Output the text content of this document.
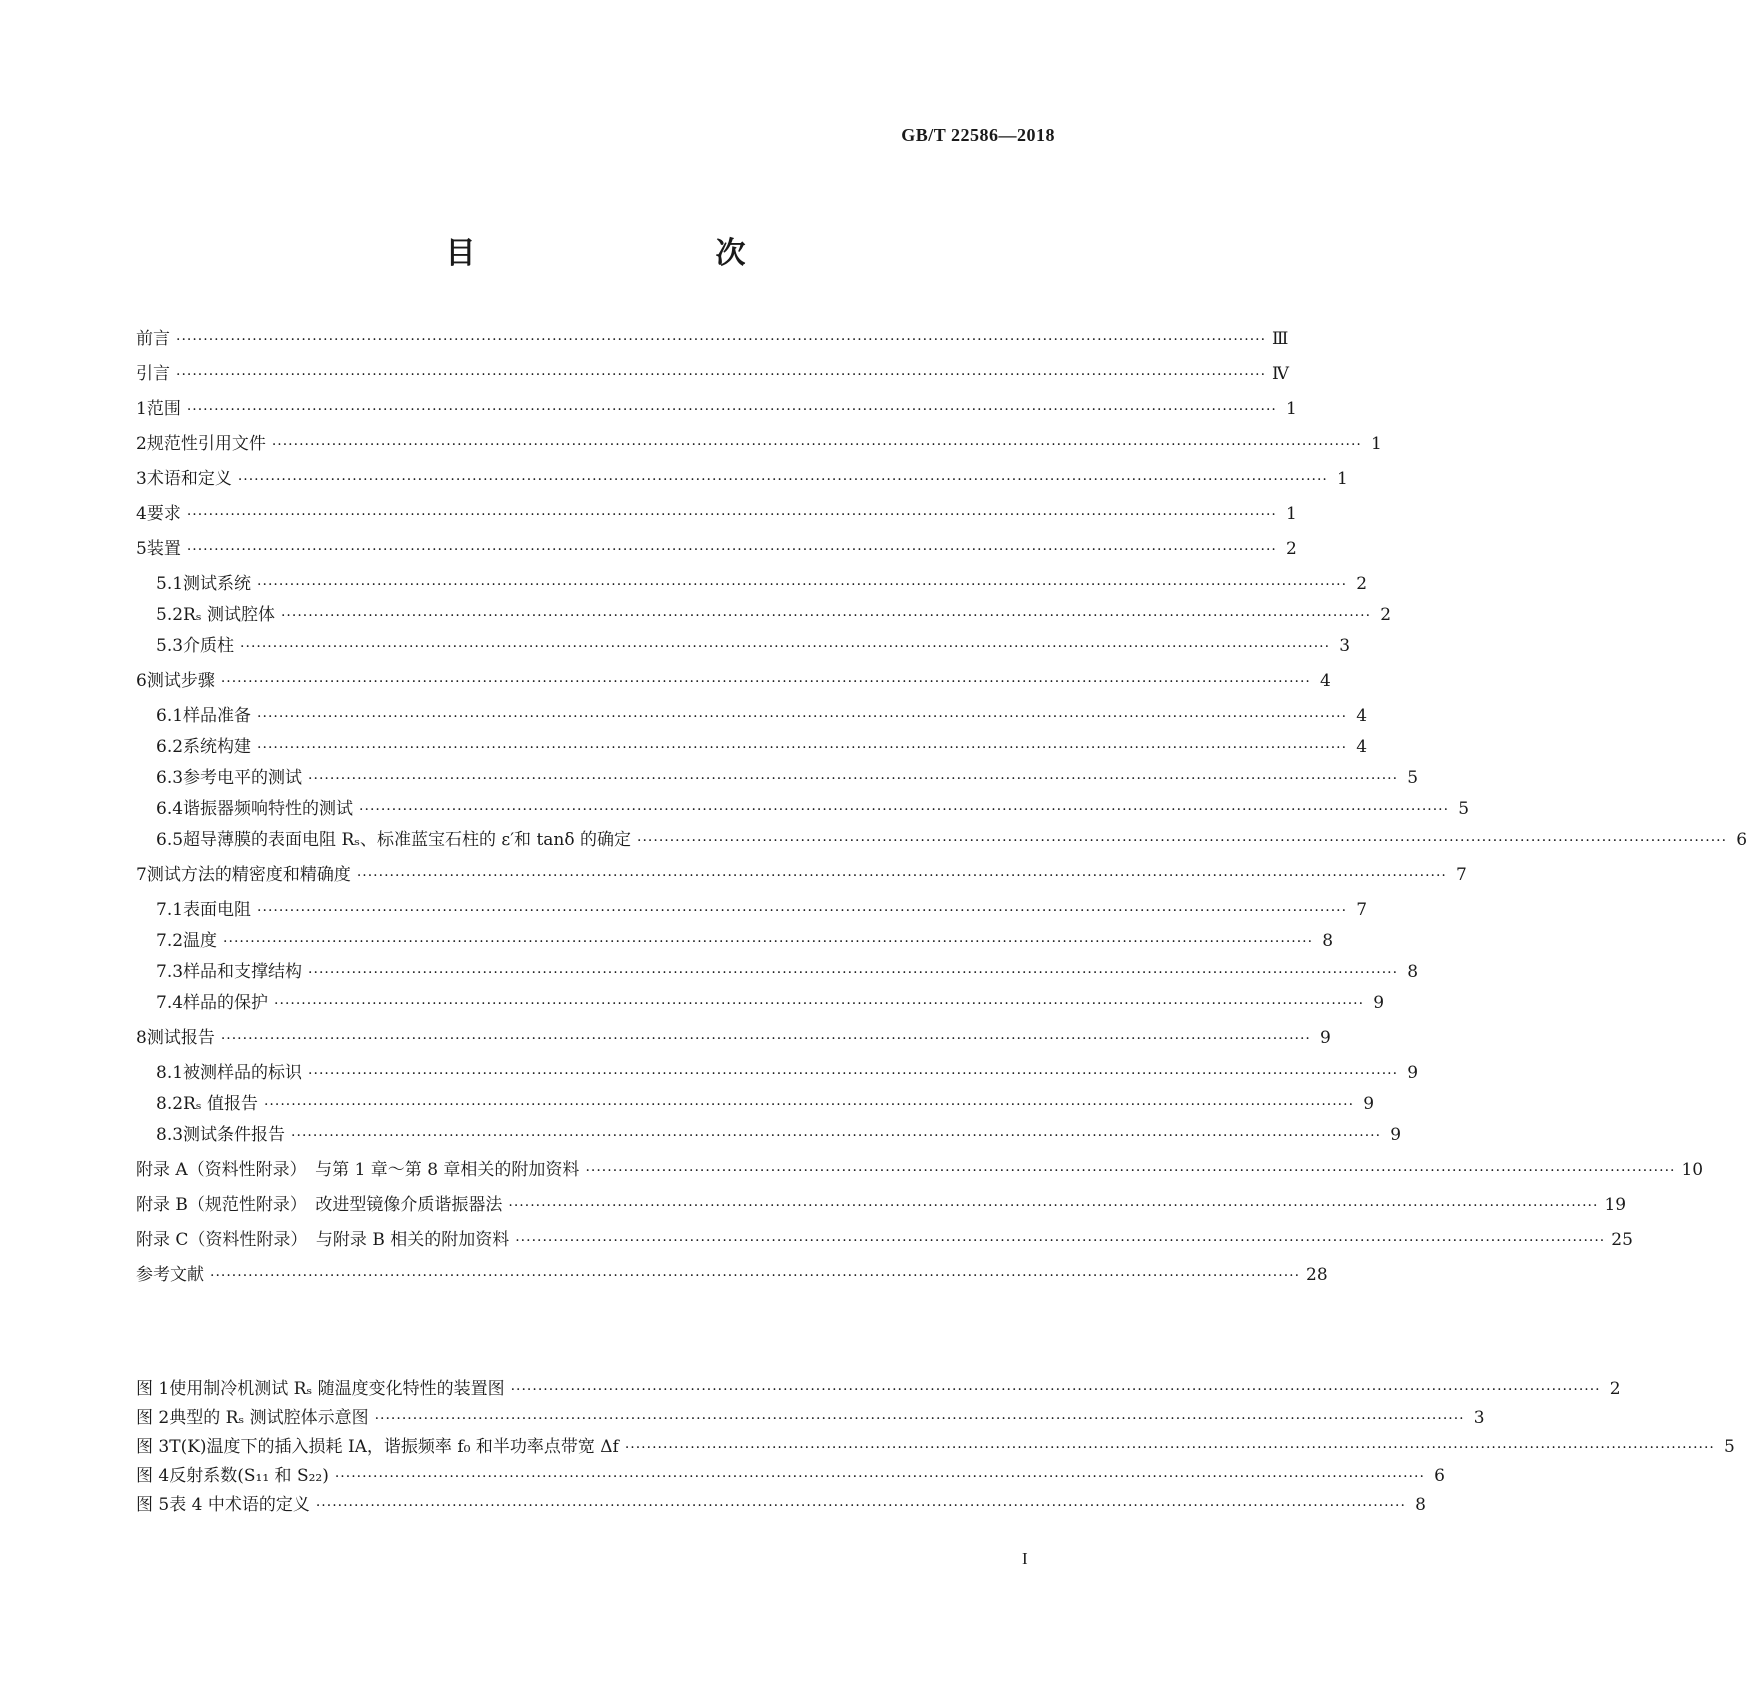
GB/T 22586—2018
目　　次
前言 ········································································································································································································ Ⅲ
引言 ········································································································································································································ Ⅳ
1 范围 ········································································································································································································ 1
2 规范性引用文件 ········································································································································································································ 1
3 术语和定义 ········································································································································································································ 1
4 要求 ········································································································································································································ 1
5 装置 ········································································································································································································ 2
5.1 测试系统 ········································································································································································································ 2
5.2 Rₛ 测试腔体 ········································································································································································································ 2
5.3 介质柱 ········································································································································································································ 3
6 测试步骤 ········································································································································································································ 4
6.1 样品准备 ········································································································································································································ 4
6.2 系统构建 ········································································································································································································ 4
6.3 参考电平的测试 ········································································································································································································ 5
6.4 谐振器频响特性的测试 ········································································································································································································ 5
6.5 超导薄膜的表面电阻 Rₛ、标准蓝宝石柱的 ε′和 tanδ 的确定 ········································································································································································································ 6
7 测试方法的精密度和精确度 ········································································································································································································ 7
7.1 表面电阻 ········································································································································································································ 7
7.2 温度 ········································································································································································································ 8
7.3 样品和支撑结构 ········································································································································································································ 8
7.4 样品的保护 ········································································································································································································ 9
8 测试报告 ········································································································································································································ 9
8.1 被测样品的标识 ········································································································································································································ 9
8.2 Rₛ 值报告 ········································································································································································································ 9
8.3 测试条件报告 ········································································································································································································ 9
附录 A（资料性附录）　与第 1 章～第 8 章相关的附加资料 ········································································································································································································ 10
附录 B（规范性附录）　改进型镜像介质谐振器法 ········································································································································································································ 19
附录 C（资料性附录）　与附录 B 相关的附加资料 ········································································································································································································ 25
参考文献 ········································································································································································································ 28
图 1 使用制冷机测试 Rₛ 随温度变化特性的装置图 ········································································································································································································ 2
图 2 典型的 Rₛ 测试腔体示意图 ········································································································································································································ 3
图 3 T(K)温度下的插入损耗 IA，谐振频率 f₀ 和半功率点带宽 Δf ········································································································································································································ 5
图 4 反射系数(S₁₁ 和 S₂₂) ········································································································································································································ 6
图 5 表 4 中术语的定义 ········································································································································································································ 8
I
